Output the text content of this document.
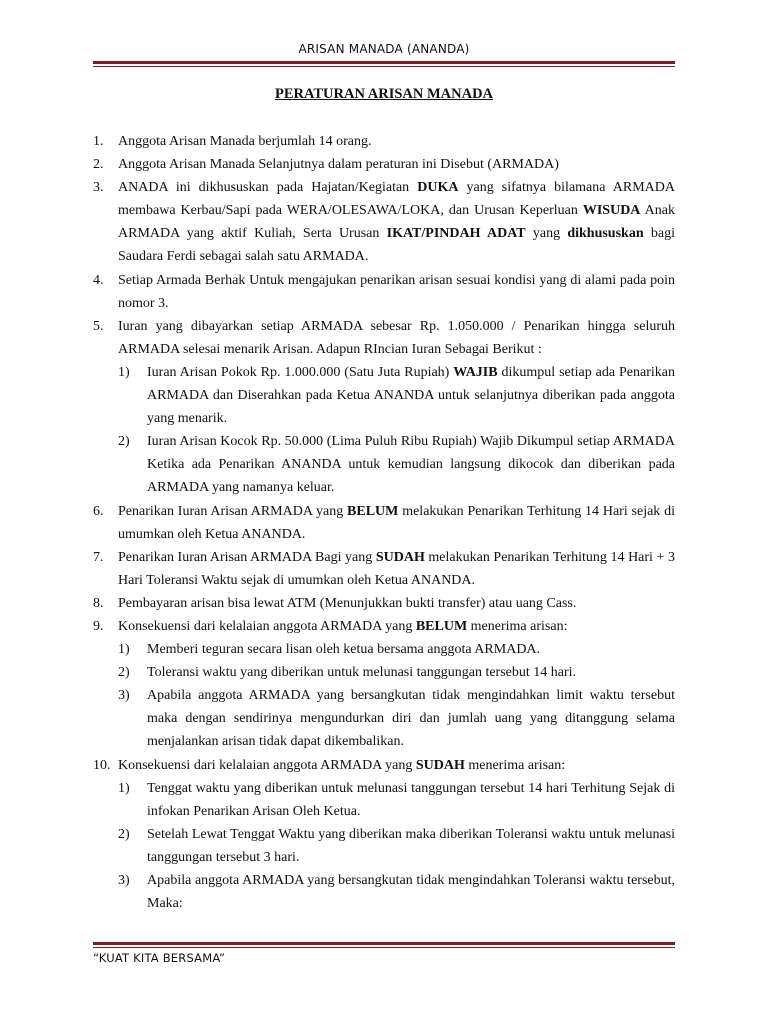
ARISAN MANADA (ANANDA)
PERATURAN ARISAN MANADA
1. Anggota Arisan Manada berjumlah 14 orang.
2. Anggota Arisan Manada Selanjutnya dalam peraturan ini Disebut (ARMADA)
3. ANADA ini dikhususkan pada Hajatan/Kegiatan DUKA yang sifatnya bilamana ARMADA membawa Kerbau/Sapi pada WERA/OLESAWA/LOKA, dan Urusan Keperluan WISUDA Anak ARMADA yang aktif Kuliah, Serta Urusan IKAT/PINDAH ADAT yang dikhususkan bagi Saudara Ferdi sebagai salah satu ARMADA.
4. Setiap Armada Berhak Untuk mengajukan penarikan arisan sesuai kondisi yang di alami pada poin nomor 3.
5. Iuran yang dibayarkan setiap ARMADA sebesar Rp. 1.050.000 / Penarikan hingga seluruh ARMADA selesai menarik Arisan. Adapun RIncian Iuran Sebagai Berikut :
1) Iuran Arisan Pokok Rp. 1.000.000 (Satu Juta Rupiah) WAJIB dikumpul setiap ada Penarikan ARMADA dan Diserahkan pada Ketua ANANDA untuk selanjutnya diberikan pada anggota yang menarik.
2) Iuran Arisan Kocok Rp. 50.000 (Lima Puluh Ribu Rupiah) Wajib Dikumpul setiap ARMADA Ketika ada Penarikan ANANDA untuk kemudian langsung dikocok dan diberikan pada ARMADA yang namanya keluar.
6. Penarikan Iuran Arisan ARMADA yang BELUM melakukan Penarikan Terhitung 14 Hari sejak di umumkan oleh Ketua ANANDA.
7. Penarikan Iuran Arisan ARMADA Bagi yang SUDAH melakukan Penarikan Terhitung 14 Hari + 3 Hari Toleransi Waktu sejak di umumkan oleh Ketua ANANDA.
8. Pembayaran arisan bisa lewat ATM (Menunjukkan bukti transfer) atau uang Cass.
9. Konsekuensi dari kelalaian anggota ARMADA yang BELUM menerima arisan:
1) Memberi teguran secara lisan oleh ketua bersama anggota ARMADA.
2) Toleransi waktu yang diberikan untuk melunasi tanggungan tersebut 14 hari.
3) Apabila anggota ARMADA yang bersangkutan tidak mengindahkan limit waktu tersebut maka dengan sendirinya mengundurkan diri dan jumlah uang yang ditanggung selama menjalankan arisan tidak dapat dikembalikan.
10. Konsekuensi dari kelalaian anggota ARMADA yang SUDAH menerima arisan:
1) Tenggat waktu yang diberikan untuk melunasi tanggungan tersebut 14 hari Terhitung Sejak di infokan Penarikan Arisan Oleh Ketua.
2) Setelah Lewat Tenggat Waktu yang diberikan maka diberikan Toleransi waktu untuk melunasi tanggungan tersebut 3 hari.
3) Apabila anggota ARMADA yang bersangkutan tidak mengindahkan Toleransi waktu tersebut, Maka:
“KUAT KITA BERSAMA”
